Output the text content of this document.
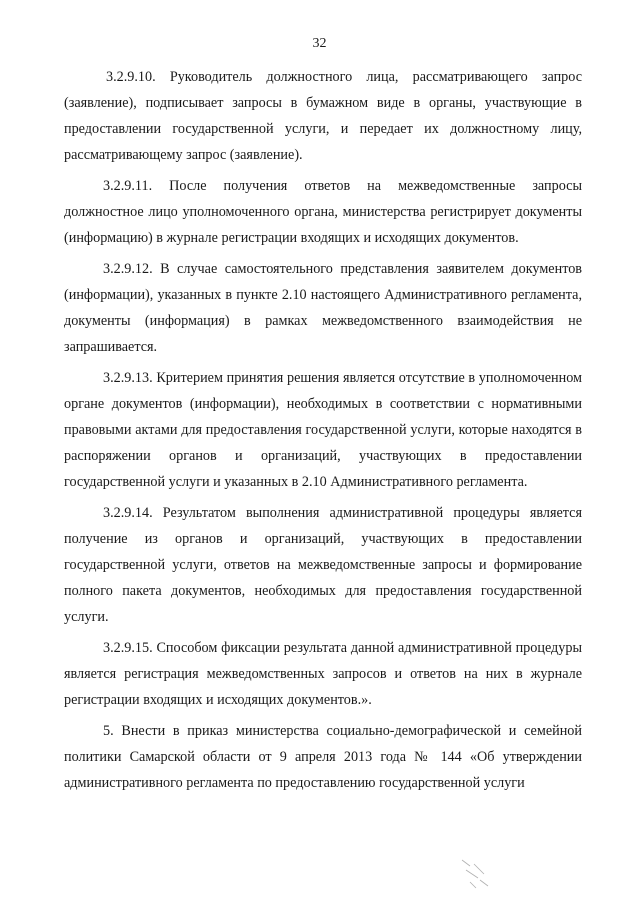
32

3.2.9.10. Руководитель должностного лица, рассматривающего запрос (заявление), подписывает запросы в бумажном виде в органы, участвующие в предоставлении государственной услуги, и передает их должностному лицу, рассматривающему запрос (заявление).

3.2.9.11. После получения ответов на межведомственные запросы должностное лицо уполномоченного органа, министерства регистрирует документы (информацию) в журнале регистрации входящих и исходящих документов.

3.2.9.12. В случае самостоятельного представления заявителем документов (информации), указанных в пункте 2.10 настоящего Административного регламента, документы (информация) в рамках межведомственного взаимодействия не запрашивается.

3.2.9.13. Критерием принятия решения является отсутствие в уполномоченном органе документов (информации), необходимых в соответствии с нормативными правовыми актами для предоставления государственной услуги, которые находятся в распоряжении органов и организаций, участвующих в предоставлении государственной услуги и указанных в 2.10 Административного регламента.

3.2.9.14. Результатом выполнения административной процедуры является получение из органов и организаций, участвующих в предоставлении государственной услуги, ответов на межведомственные запросы и формирование полного пакета документов, необходимых для предоставления государственной услуги.

3.2.9.15. Способом фиксации результата данной административной процедуры является регистрация межведомственных запросов и ответов на них в журнале регистрации входящих и исходящих документов.».

5. Внести в приказ министерства социально-демографической и семейной политики Самарской области от 9 апреля 2013 года № 144 «Об утверждении административного регламента по предоставлению государственной услуги
